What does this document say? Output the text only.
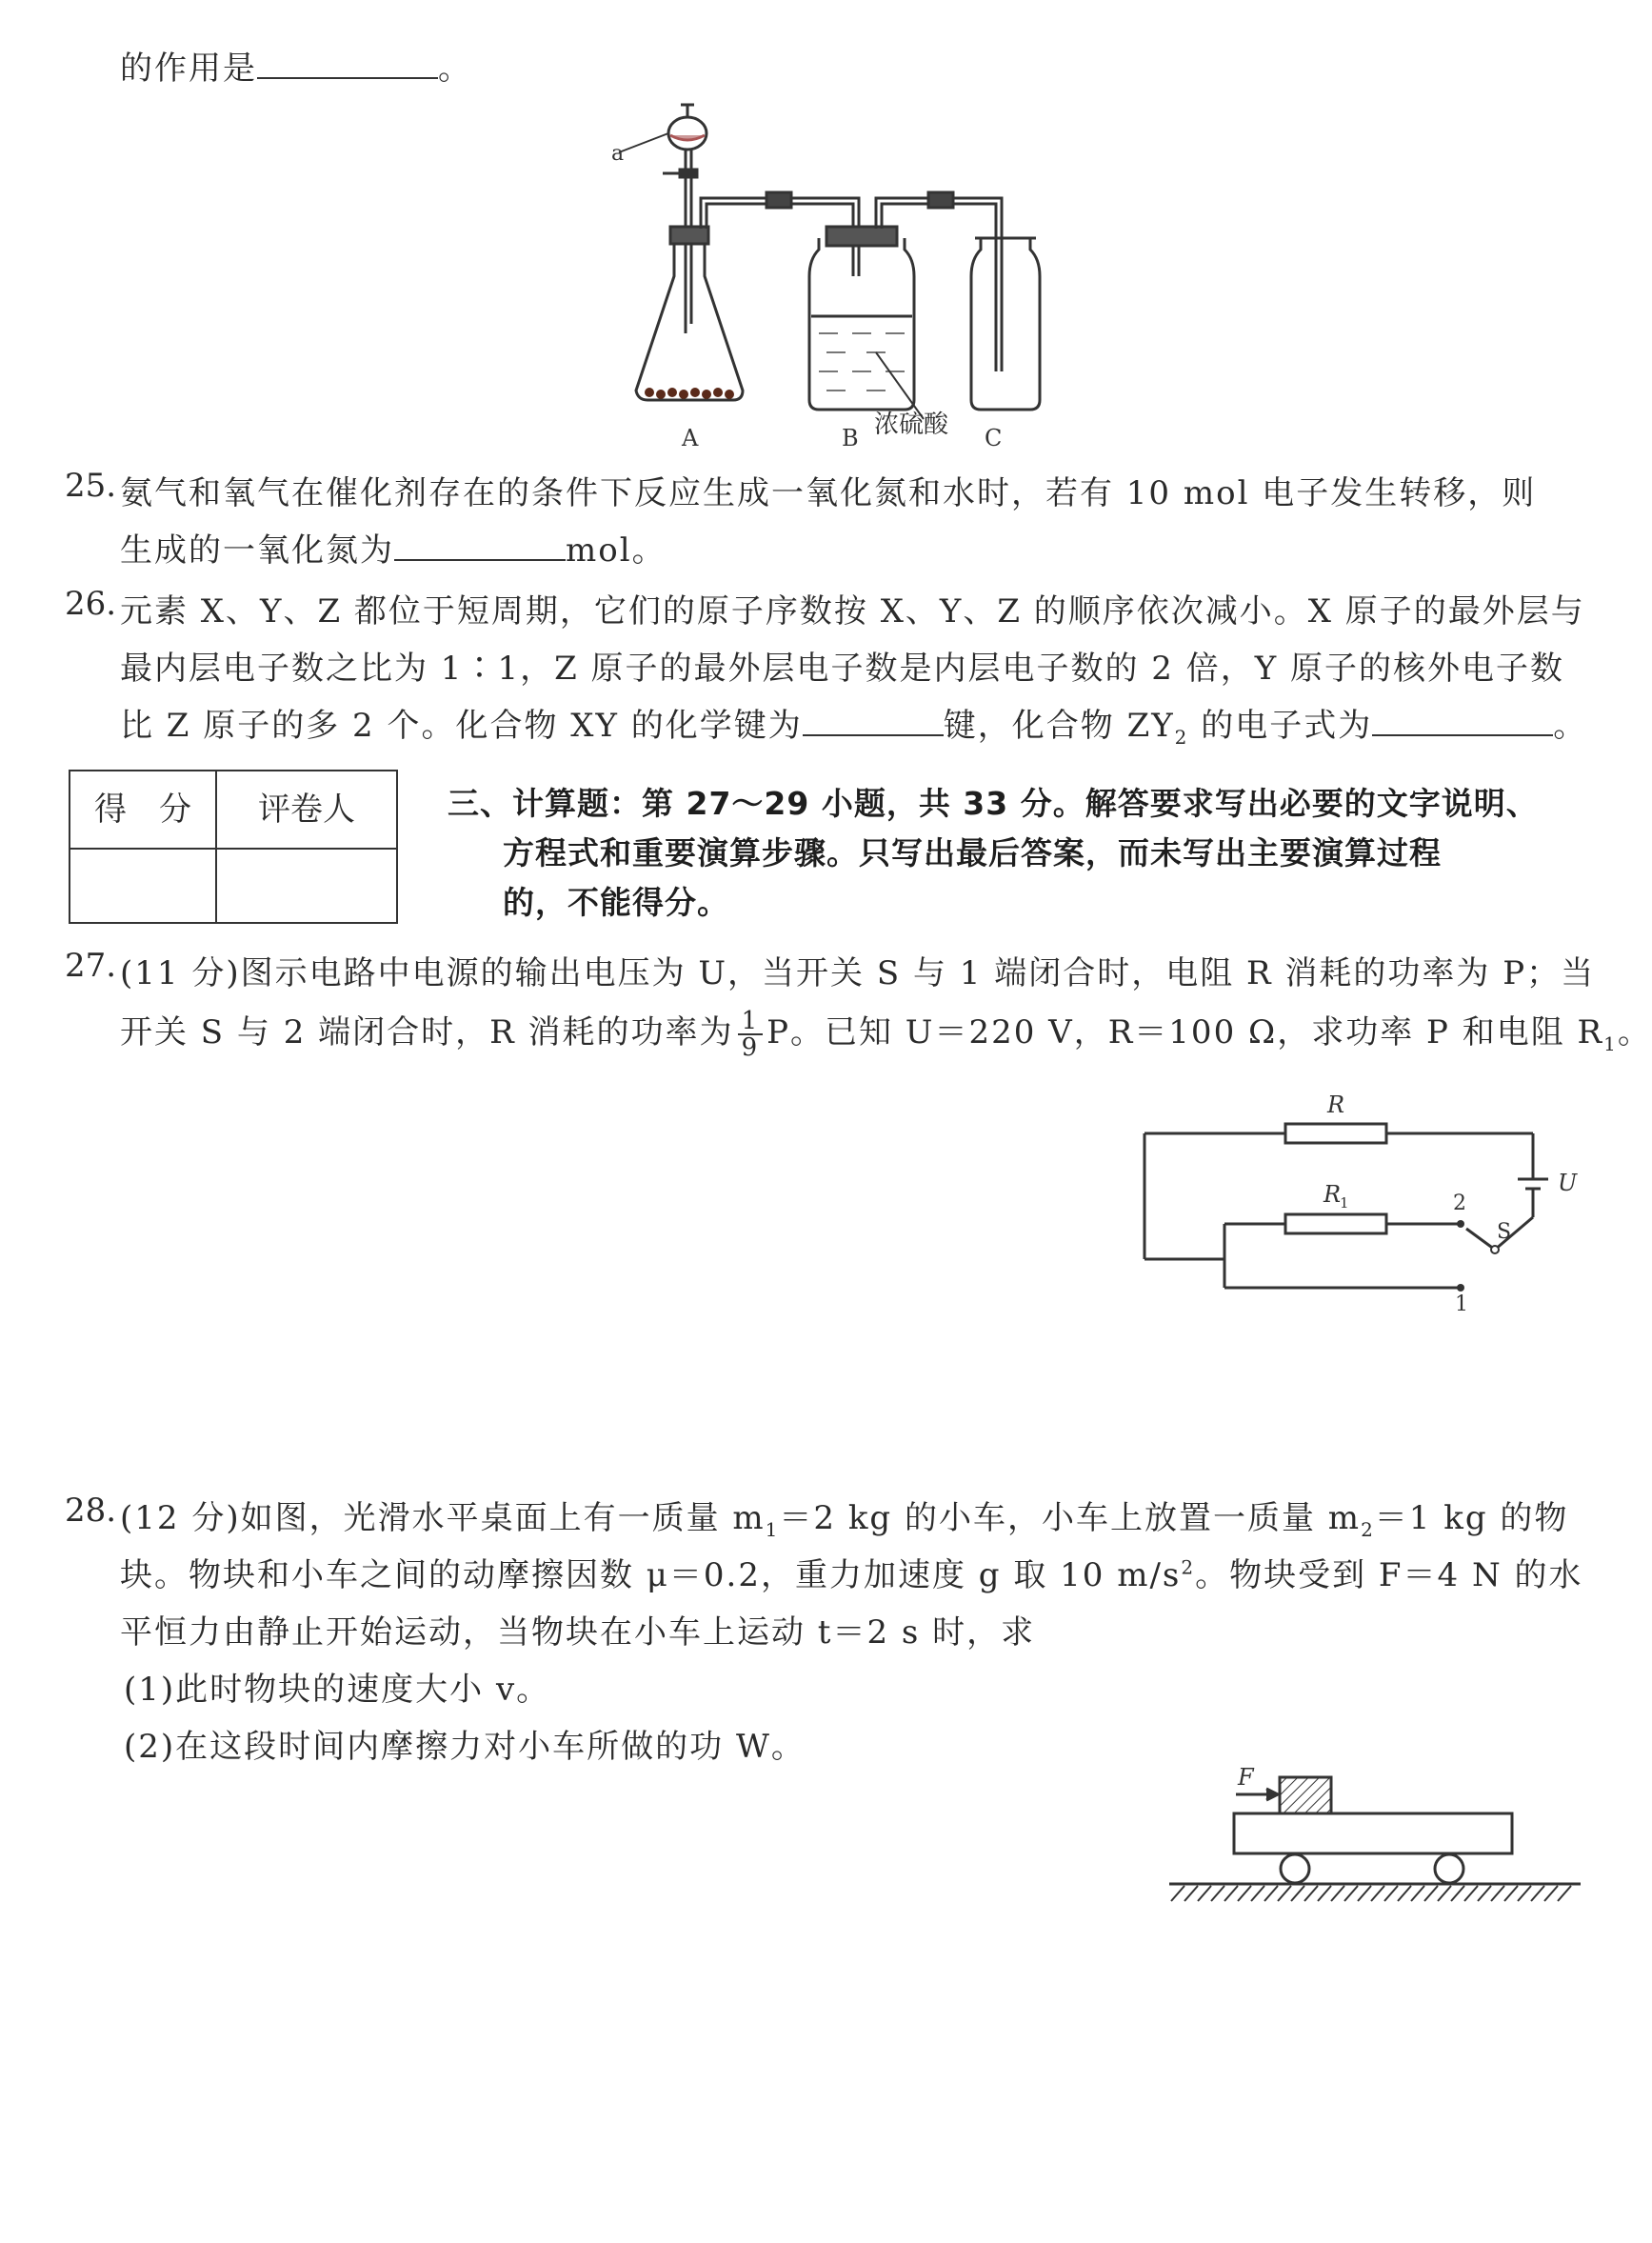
的作用是	。
a
A	B 浓硫酸 C
25. 氨气和氧气在催化剂存在的条件下反应生成一氧化氮和水时，若有 10 mol 电子发生转移，则
生成的一氧化氮为	mol。
26. 元素 X、Y、Z 都位于短周期，它们的原子序数按 X、Y、Z 的顺序依次减小。X 原子的最外层与
最内层电子数之比为 1∶1，Z 原子的最外层电子数是内层电子数的 2 倍，Y 原子的核外电子数
比 Z 原子的多 2 个。化合物 XY 的化学键为	键，化合物 $ZY_2$ 的电子式为	。
得　分	评卷人	三、计算题：第 27～29 小题，共 33 分。解答要求写出必要的文字说明、
方程式和重要演算步骤。只写出最后答案，而未写出主要演算过程
的，不能得分。
27. (11 分)图示电路中电源的输出电压为 U，当开关 S 与 1 端闭合时，电阻 R 消耗的功率为 P；当
开关 S 与 2 端闭合时，R 消耗的功率为 $\frac{1}{9}$ P。已知 U＝220 V，R＝100 Ω，求功率 P 和电阻 $R_1$。
R
R
1
U
S
2
1
28. (12 分)如图，光滑水平桌面上有一质量 $m_1=2$ kg 的小车，小车上放置一质量 $m_2=1$ kg 的物
块。物块和小车之间的动摩擦因数 μ＝0.2，重力加速度 g 取 10 $m/s^2$。物块受到 F＝4 N 的水
平恒力由静止开始运动，当物块在小车上运动 t＝2 s 时，求
(1)此时物块的速度大小 v。
(2)在这段时间内摩擦力对小车所做的功 W。
F
